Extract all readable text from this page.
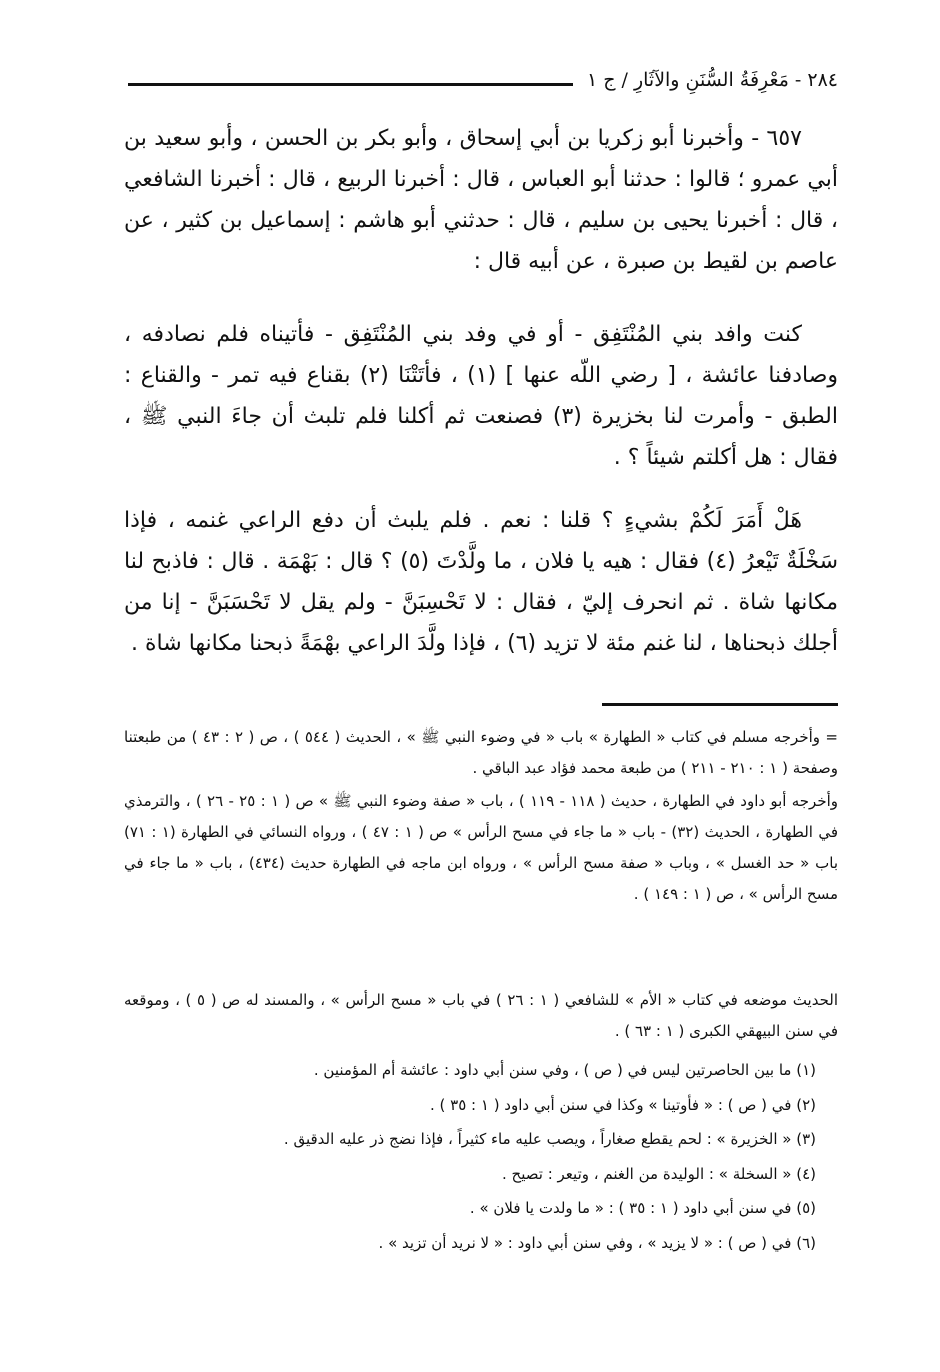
٢٨٤ - مَعْرِفَةُ السُّنَنِ والآثَارِ / ج ١

٦٥٧ - وأخبرنا أبو زكريا بن أبي إسحاق ، وأبو بكر بن الحسن ، وأبو سعيد بن أبي عمرو ؛ قالوا : حدثنا أبو العباس ، قال : أخبرنا الربيع ، قال : أخبرنا الشافعي ، قال : أخبرنا يحيى بن سليم ، قال : حدثني أبو هاشم : إسماعيل بن كثير ، عن عاصم بن لقيط بن صبرة ، عن أبيه قال :

كنت وافد بني المُنْتَفِق - أو في وفد بني المُنْتَفِق - فأتيناه فلم نصادفه ، وصادفنا عائشة ، [ رضي اللّه عنها ] (١) ، فأتَتْنَا (٢) بقناع فيه تمر - والقناع : الطبق - وأمرت لنا بخزيرة (٣) فصنعت ثم أكلنا فلم تلبث أن جاءَ النبي ﷺ ، فقال : هل أكلتم شيئاً ؟ .

هَلْ أَمَرَ لَكُمْ بشيءٍ ؟ قلنا : نعم . فلم يلبث أن دفع الراعي غنمه ، فإذا سَخْلَةٌ تَيْعرُ (٤) فقال : هيه يا فلان ، ما ولَّدْتَ (٥) ؟ قال : بَهْمَة . قال : فاذبح لنا مكانها شاة . ثم انحرف إليّ ، فقال : لا تَحْسِبَنَّ - ولم يقل لا تَحْسَبَنَّ - إنا من أجلك ذبحناها ، لنا غنم مئة لا تزيد (٦) ، فإذا ولَّدَ الراعي بهْمَةً ذبحنا مكانها شاة .

= وأخرجه مسلم في كتاب « الطهارة » باب « في وضوء النبي ﷺ » ، الحديث ( ٥٤٤ ) ، ص ( ٢ : ٤٣ ) من طبعتنا وصفحة ( ١ : ٢١٠ - ٢١١ ) من طبعة محمد فؤاد عبد الباقي .

وأخرجه أبو داود في الطهارة ، حديث ( ١١٨ - ١١٩ ) ، باب « صفة وضوء النبي ﷺ » ص ( ١ : ٢٥ - ٢٦ ) ، والترمذي في الطهارة ، الحديث (٣٢) - باب « ما جاء في مسح الرأس » ص ( ١ : ٤٧ ) ، ورواه النسائي في الطهارة (١ : ٧١) باب « حد الغسل » ، وباب « صفة مسح الرأس » ، ورواه ابن ماجه في الطهارة حديث (٤٣٤) ، باب « ما جاء في مسح الرأس » ، ص ( ١ : ١٤٩ ) .

الحديث موضعه في كتاب « الأم » للشافعي ( ١ : ٢٦ ) في باب « مسح الرأس » ، والمسند له ص ( ٥ ) ، وموقعه في سنن البيهقي الكبرى ( ١ : ٦٣ ) .

(١) ما بين الحاصرتين ليس في ( ص ) ، وفي سنن أبي داود : عائشة أم المؤمنين .
(٢) في ( ص ) : « فأوتينا » وكذا في سنن أبي داود ( ١ : ٣٥ ) .
(٣) « الخزيرة » : لحم يقطع صغاراً ، ويصب عليه ماء كثيراً ، فإذا نضج ذر عليه الدقيق .
(٤) « السخلة » : الوليدة من الغنم ، وتيعر : تصيح .
(٥) في سنن أبي داود ( ١ : ٣٥ ) : « ما ولدت يا فلان » .
(٦) في ( ص ) : « لا يزيد » ، وفي سنن أبي داود : « لا نريد أن تزيد » .
